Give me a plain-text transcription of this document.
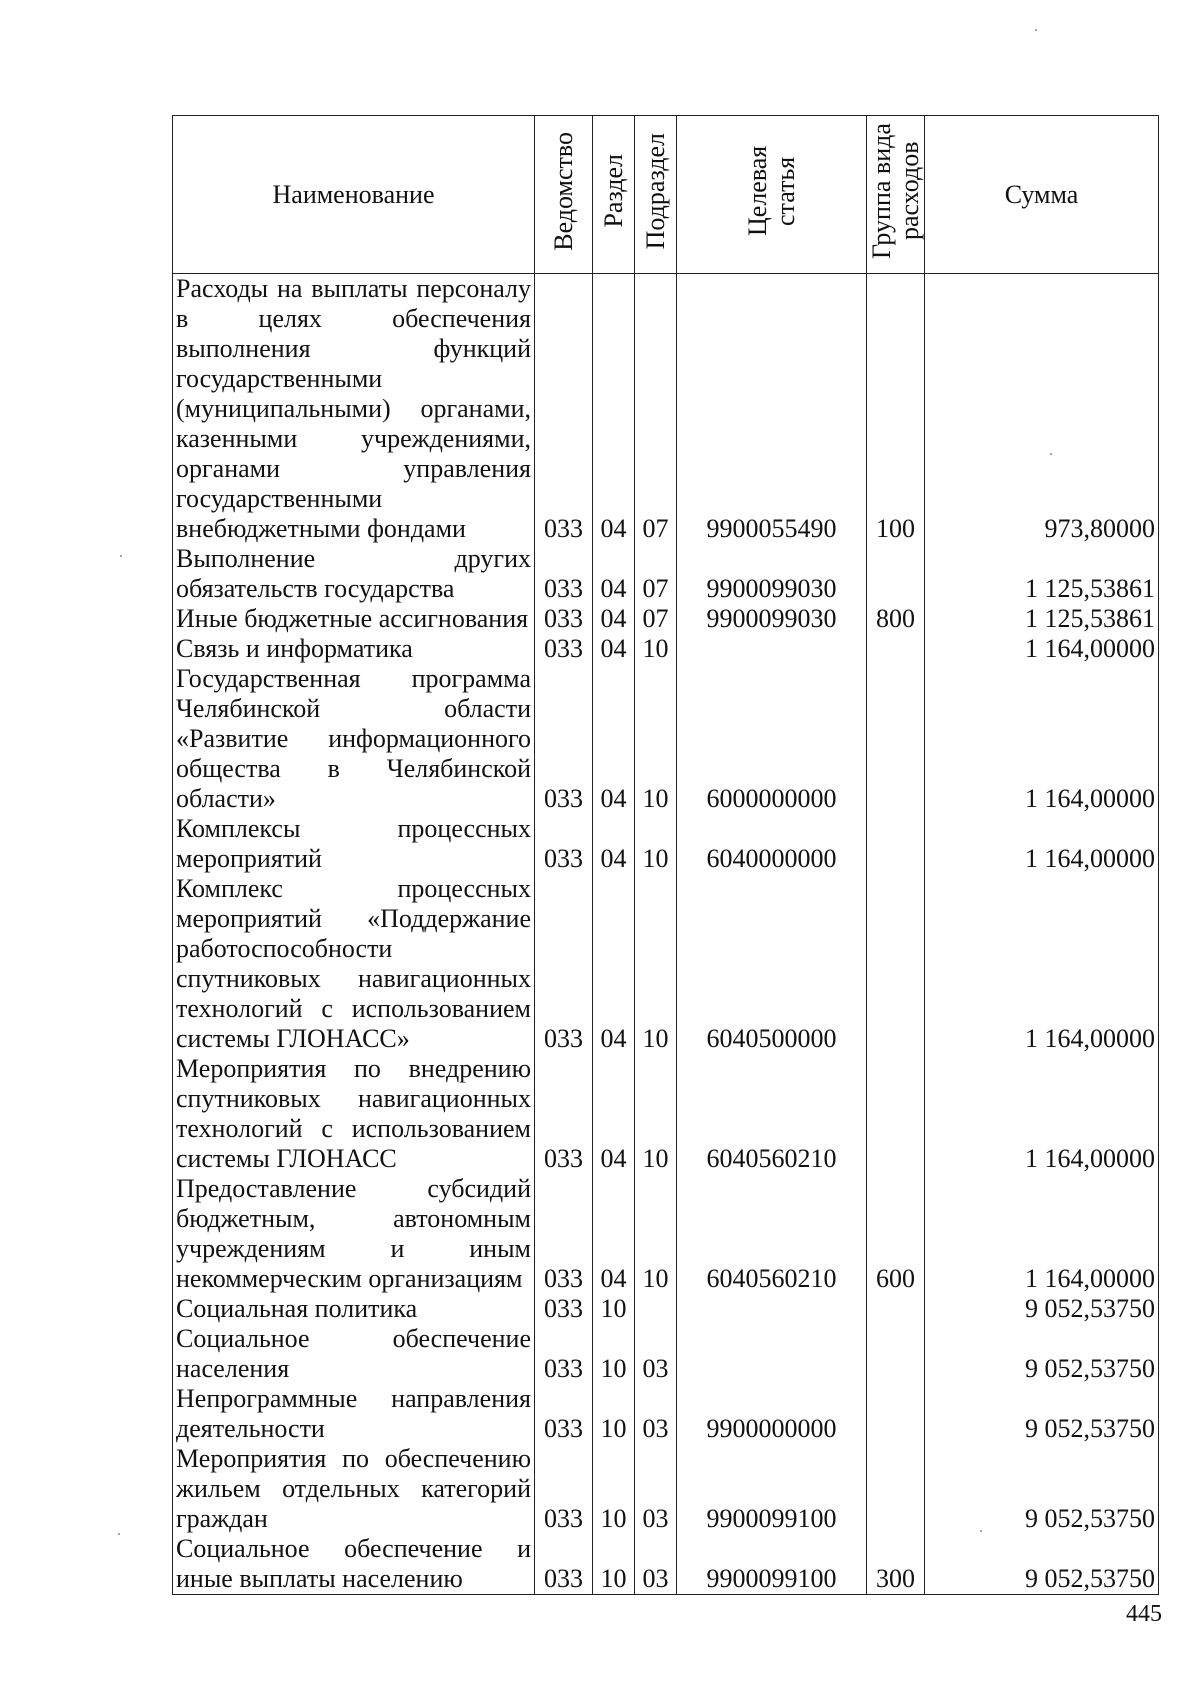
Наименование	Ведомство	Раздел	Подраздел	Целевая статья	Группа вида расходов	Сумма
Расходы на выплаты персоналу в целях обеспечения выполнения функций государственными (муниципальными) органами, казенными учреждениями, органами управления государственными внебюджетными фондами	033	04	07	9900055490	100	973,80000
Выполнение других обязательств государства	033	04	07	9900099030		1 125,53861
Иные бюджетные ассигнования	033	04	07	9900099030	800	1 125,53861
Связь и информатика	033	04	10			1 164,00000
Государственная программа Челябинской области «Развитие информационного общества в Челябинской области»	033	04	10	6000000000		1 164,00000
Комплексы процессных мероприятий	033	04	10	6040000000		1 164,00000
Комплекс процессных мероприятий «Поддержание работоспособности спутниковых навигационных технологий с использованием системы ГЛОНАСС»	033	04	10	6040500000		1 164,00000
Мероприятия по внедрению спутниковых навигационных технологий с использованием системы ГЛОНАСС	033	04	10	6040560210		1 164,00000
Предоставление субсидий бюджетным, автономным учреждениям и иным некоммерческим организациям	033	04	10	6040560210	600	1 164,00000
Социальная политика	033	10				9 052,53750
Социальное обеспечение населения	033	10	03			9 052,53750
Непрограммные направления деятельности	033	10	03	9900000000		9 052,53750
Мероприятия по обеспечению жильем отдельных категорий граждан	033	10	03	9900099100		9 052,53750
Социальное обеспечение и иные выплаты населению	033	10	03	9900099100	300	9 052,53750
445
